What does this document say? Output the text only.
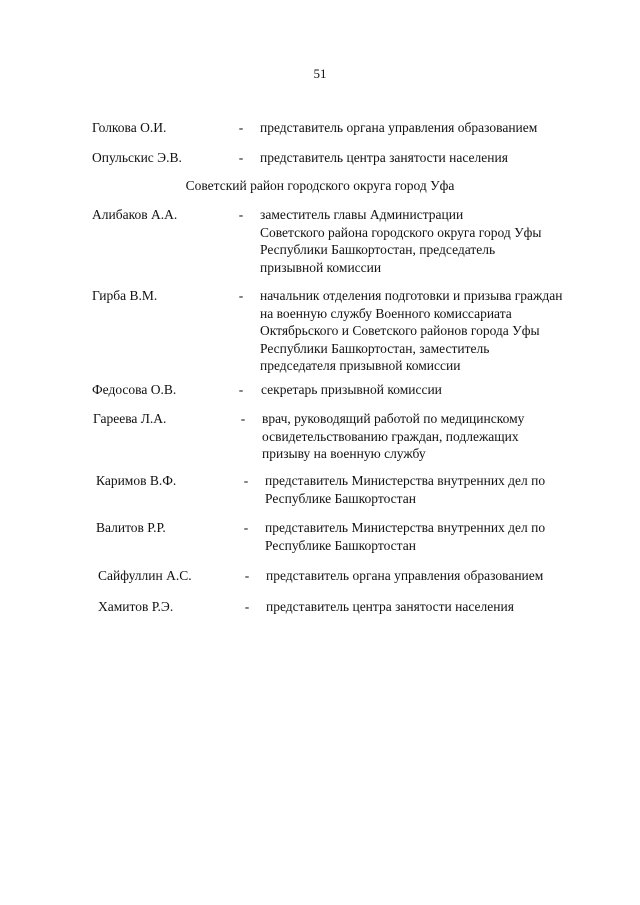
51
Советский район городского округа город Уфа
Голкова О.И.	- представитель органа управления образованием
Опульскис Э.В.	- представитель центра занятости населения
Алибаков А.А.	- заместитель главы Администрации
Советского района городского округа город Уфы
Республики Башкортостан, председатель
призывной комиссии
Гирба В.М.	- начальник отделения подготовки и призыва граждан
на военную службу Военного комиссариата
Октябрьского и Советского районов города Уфы
Республики Башкортостан, заместитель
председателя призывной комиссии
Федосова О.В.	- секретарь призывной комиссии
Гареева Л.А.	- врач, руководящий работой по медицинскому
освидетельствованию граждан, подлежащих
призыву на военную службу
Каримов В.Ф.	- представитель Министерства внутренних дел по
Республике Башкортостан
Валитов Р.Р.	- представитель Министерства внутренних дел по
Республике Башкортостан
Сайфуллин А.С.	- представитель органа управления образованием
Хамитов Р.Э.	- представитель центра занятости населения
